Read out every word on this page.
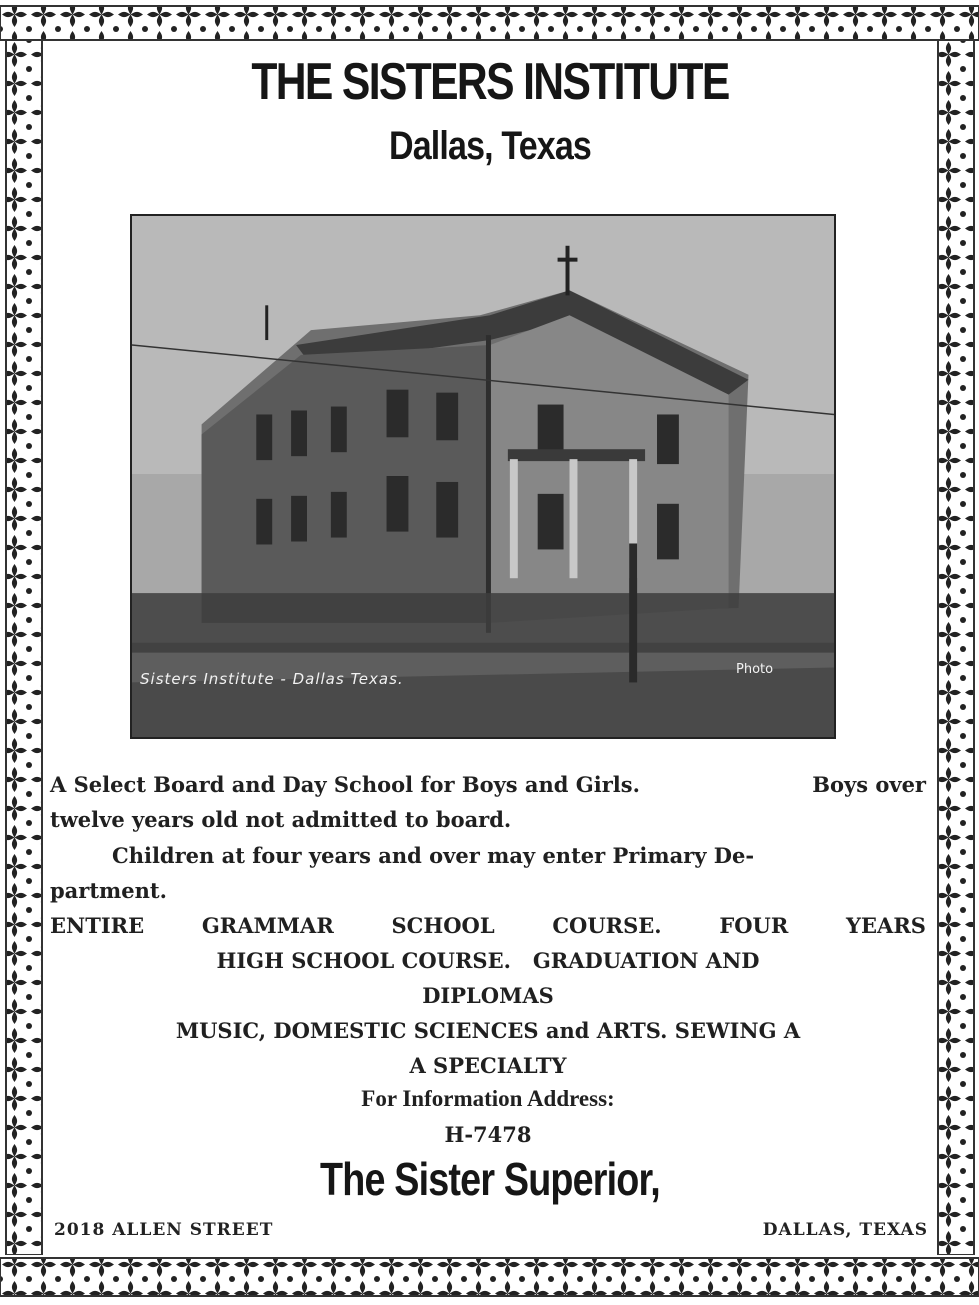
THE SISTERS INSTITUTE
Dallas, Texas
Sisters Institute - Dallas Texas.
Photo
A Select Board and Day School for Boys and Girls.	Boys over
twelve years old not admitted to board.
Children at four years and over may enter Primary De-
partment.
ENTIRE	GRAMMAR	SCHOOL	COURSE.	FOUR	YEARS
HIGH SCHOOL COURSE.   GRADUATION AND
DIPLOMAS
MUSIC, DOMESTIC SCIENCES and ARTS. SEWING A
A SPECIALTY
For Information Address:
H-7478
The Sister Superior,
2018 ALLEN STREET	DALLAS, TEXAS
